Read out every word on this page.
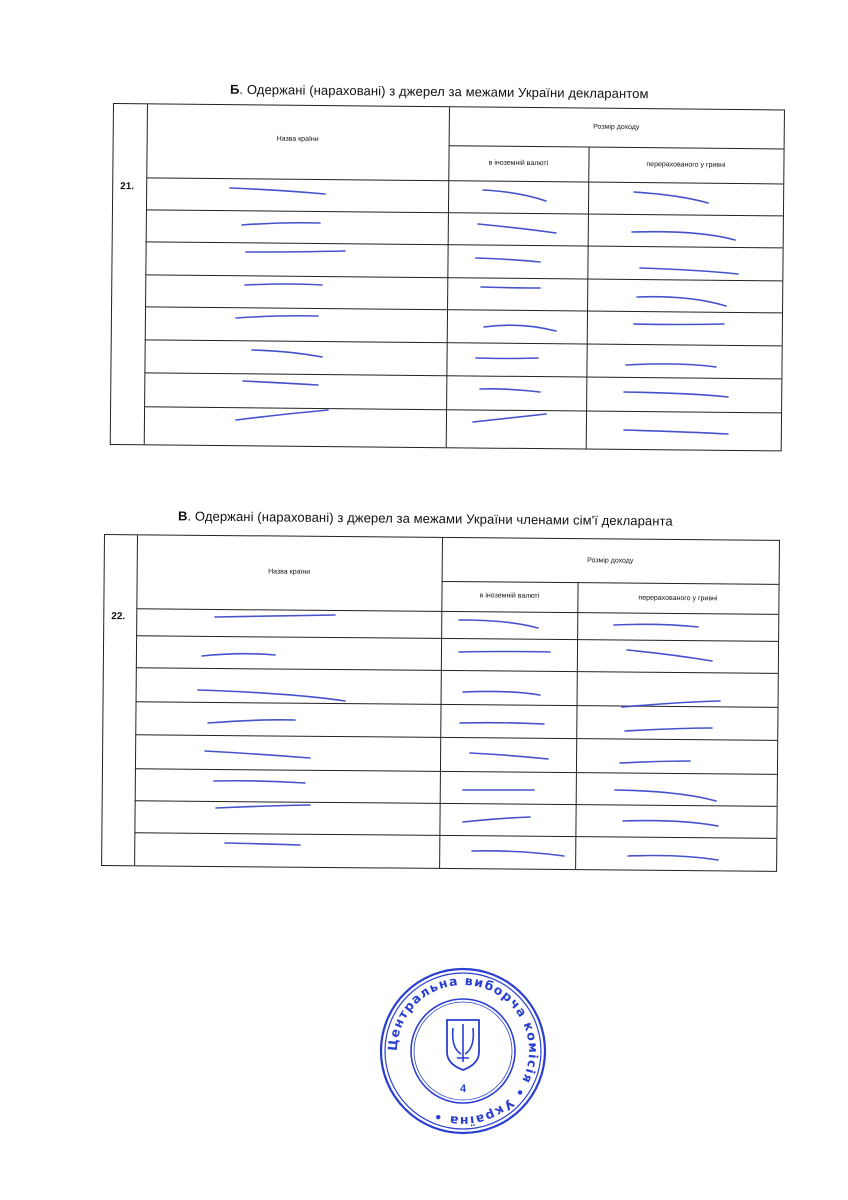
Б. Одержані (нараховані) з джерел за межами України декларантом
Назва країни
Розмір доходу
в іноземній валюті	перерахованого у гривні
21.
В. Одержані (нараховані) з джерел за межами України членами сім'ї декларанта
Назва країни
Розмір доходу
в іноземній валюті	перерахованого у гривні
22.
Центральна виборча комісія • Україна •
4
